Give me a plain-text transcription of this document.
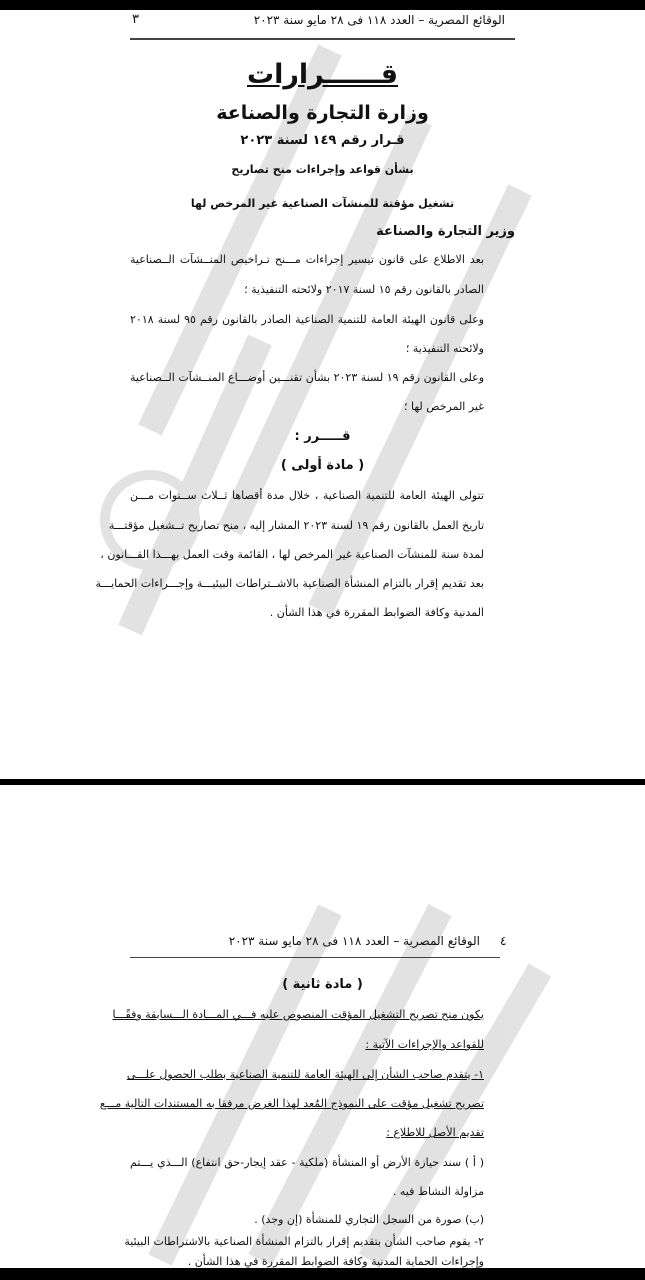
٣	الوقائع المصرية – العدد ١١٨ فى ٢٨ مايو سنة ٢٠٢٣
قــــــرارات
وزارة التجارة والصناعة
قـرار رقم ١٤٩ لسنة ٢٠٢٣
بشأن قواعد وإجراءات منح تصاريح
تشغيل مؤقتة للمنشآت الصناعية غير المرخص لها
وزير التجارة والصناعة
بعد الاطلاع على قانون تيسير إجراءات مـــنح تـراخيص المنــشآت الــصناعية
الصادر بالقانون رقم ١٥ لسنة ٢٠١٧ ولائحته التنفيذية ؛
وعلى قانون الهيئة العامة للتنمية الصناعية الصادر بالقانون رقم ٩٥ لسنة ٢٠١٨
ولائحته التنفيذية ؛
وعلى القانون رقم ١٩ لسنة ٢٠٢٣ بشأن تقنـــين أوضـــاع المنــشآت الــصناعية
غير المرخص لها ؛
قـــــرر :
( مادة أولى )
تتولى الهيئة العامة للتنمية الصناعية ، خلال مدة أقصاها ثــلاث ســنوات مـــن
تاريخ العمل بالقانون رقم ١٩ لسنة ٢٠٢٣ المشار إليه ، منح تصاريح تــشغيل مؤقتـــة
لمدة سنة للمنشآت الصناعية غير المرخص لها ، القائمة وقت العمل بهـــذا القـــانون ،
بعد تقديم إقرار بالتزام المنشأة الصناعية بالاشــتراطات البيئيـــة وإجـــراءات الحمايـــة
المدنية وكافة الضوابط المقررة في هذا الشأن .
٤
الوقائع المصرية – العدد ١١٨ فى ٢٨ مايو سنة ٢٠٢٣
( مادة ثانية )
يكون منح تصريح التشغيل المؤقت المنصوص عليه فـــي المـــادة الـــسابقة وفقًـــا
للقواعد والإجراءات الآتية :
١- يتقدم صاحب الشأن إلى الهيئة العامة للتنمية الصناعية بطلب الحصول علـــى
تصريح تشغيل مؤقت على النموذج المُعد لهذا الغرض مرفقا به المستندات التالية مـــع
تقديم الأصل للاطلاع :
( أ ) سند حيازة الأرض أو المنشأة (ملكية - عقد إيجار-حق انتفاع) الـــذي يـــتم
مزاولة النشاط فيه .
(ب) صورة من السجل التجاري للمنشأة (إن وجد) .
٢- يقوم صاحب الشأن بتقديم إقرار بالتزام المنشأة الصناعية بالاشتراطات البيئية
وإجراءات الحماية المدنية وكافة الضوابط المقررة في هذا الشأن .
